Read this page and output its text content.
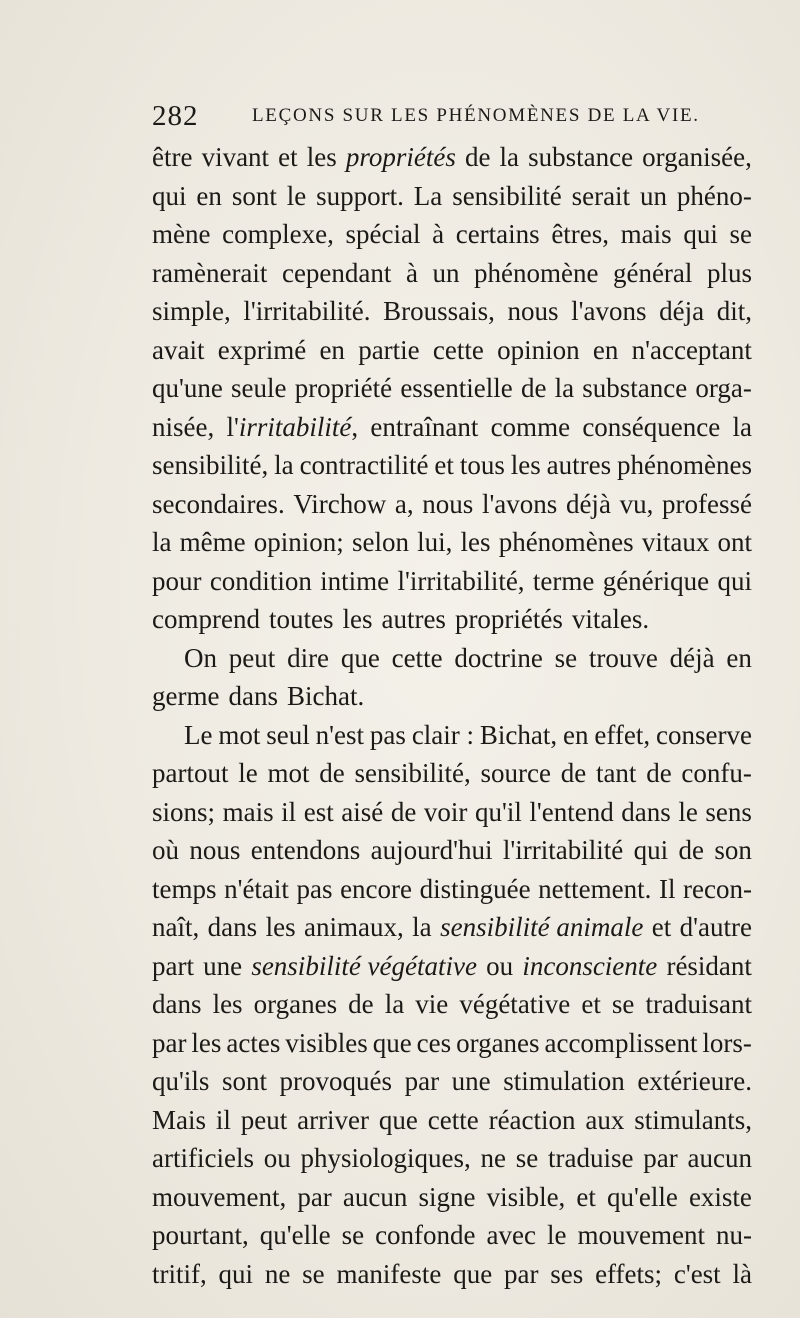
282	LEÇONS SUR LES PHÉNOMÈNES DE LA VIE.
être vivant et les propriétés de la substance organisée,
qui en sont le support. La sensibilité serait un phéno-
mène complexe, spécial à certains êtres, mais qui se
ramènerait cependant à un phénomène général plus
simple, l'irritabilité. Broussais, nous l'avons déja dit,
avait exprimé en partie cette opinion en n'acceptant
qu'une seule propriété essentielle de la substance orga-
nisée, l'irritabilité, entraînant comme conséquence la
sensibilité, la contractilité et tous les autres phénomènes
secondaires. Virchow a, nous l'avons déjà vu, professé
la même opinion; selon lui, les phénomènes vitaux ont
pour condition intime l'irritabilité, terme générique qui
comprend toutes les autres propriétés vitales.
On peut dire que cette doctrine se trouve déjà en
germe dans Bichat.
Le mot seul n'est pas clair : Bichat, en effet, conserve
partout le mot de sensibilité, source de tant de confu-
sions; mais il est aisé de voir qu'il l'entend dans le sens
où nous entendons aujourd'hui l'irritabilité qui de son
temps n'était pas encore distinguée nettement. Il recon-
naît, dans les animaux, la sensibilité animale et d'autre
part une sensibilité végétative ou inconsciente résidant
dans les organes de la vie végétative et se traduisant
par les actes visibles que ces organes accomplissent lors-
qu'ils sont provoqués par une stimulation extérieure.
Mais il peut arriver que cette réaction aux stimulants,
artificiels ou physiologiques, ne se traduise par aucun
mouvement, par aucun signe visible, et qu'elle existe
pourtant, qu'elle se confonde avec le mouvement nu-
tritif, qui ne se manifeste que par ses effets; c'est là
